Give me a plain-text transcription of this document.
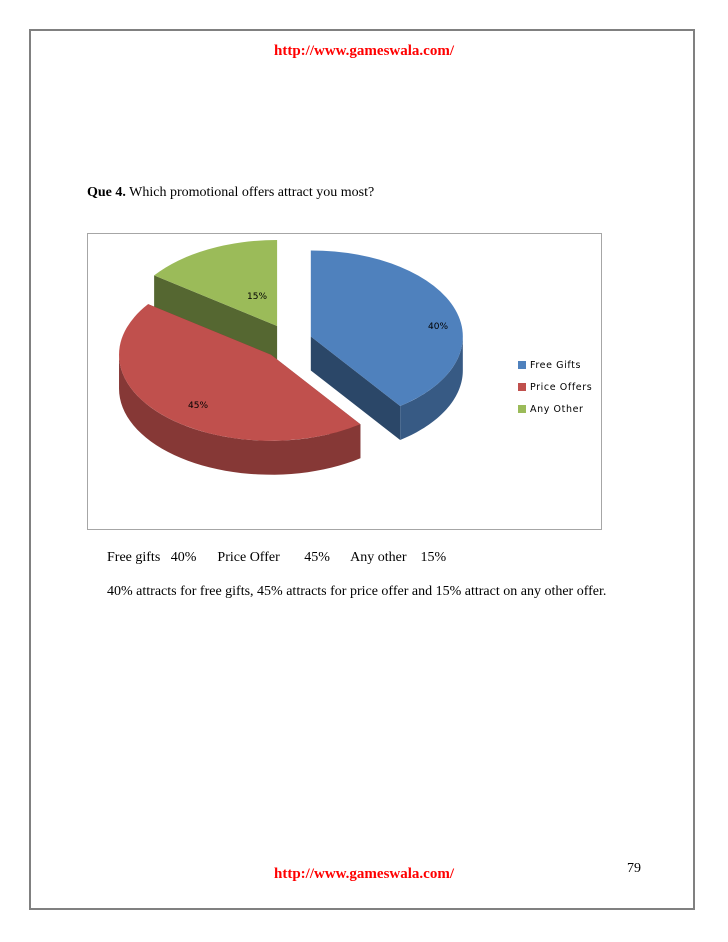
http://www.gameswala.com/
Que 4. Which promotional offers attract you most?
40%
45%
15%
Free Gifts
Price Offers
Any Other
Free gifts   40%      Price Offer       45%      Any other    15%
40% attracts for free gifts, 45% attracts for price offer and 15% attract on any other offer.
http://www.gameswala.com/	79
